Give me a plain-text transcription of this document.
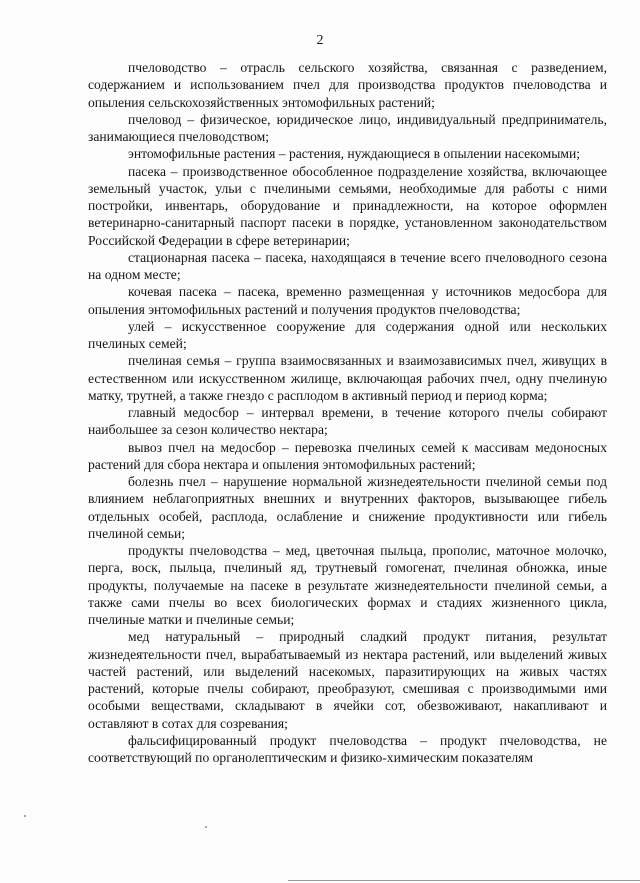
2

пчеловодство – отрасль сельского хозяйства, связанная с разведением, содержанием и использованием пчел для производства продуктов пчеловодства и опыления сельскохозяйственных энтомофильных растений;

пчеловод – физическое, юридическое лицо, индивидуальный предприниматель, занимающиеся пчеловодством;

энтомофильные растения – растения, нуждающиеся в опылении насекомыми;

пасека – производственное обособленное подразделение хозяйства, включающее земельный участок, ульи с пчелиными семьями, необходимые для работы с ними постройки, инвентарь, оборудование и принадлежности, на которое оформлен ветеринарно-санитарный паспорт пасеки в порядке, установленном законодательством Российской Федерации в сфере ветеринарии;

стационарная пасека – пасека, находящаяся в течение всего пчеловодного сезона на одном месте;

кочевая пасека – пасека, временно размещенная у источников медосбора для опыления энтомофильных растений и получения продуктов пчеловодства;

улей – искусственное сооружение для содержания одной или нескольких пчелиных семей;

пчелиная семья – группа взаимосвязанных и взаимозависимых пчел, живущих в естественном или искусственном жилище, включающая рабочих пчел, одну пчелиную матку, трутней, а также гнездо с расплодом в активный период и период корма;

главный медосбор – интервал времени, в течение которого пчелы собирают наибольшее за сезон количество нектара;

вывоз пчел на медосбор – перевозка пчелиных семей к массивам медоносных растений для сбора нектара и опыления энтомофильных растений;

болезнь пчел – нарушение нормальной жизнедеятельности пчелиной семьи под влиянием неблагоприятных внешних и внутренних факторов, вызывающее гибель отдельных особей, расплода, ослабление и снижение продуктивности или гибель пчелиной семьи;

продукты пчеловодства – мед, цветочная пыльца, прополис, маточное молочко, перга, воск, пыльца, пчелиный яд, трутневый гомогенат, пчелиная обножка, иные продукты, получаемые на пасеке в результате жизнедеятельности пчелиной семьи, а также сами пчелы во всех биологических формах и стадиях жизненного цикла, пчелиные матки и пчелиные семьи;

мед натуральный – природный сладкий продукт питания, результат жизнедеятельности пчел, вырабатываемый из нектара растений, или выделений живых частей растений, или выделений насекомых, паразитирующих на живых частях растений, которые пчелы собирают, преобразуют, смешивая с производимыми ими особыми веществами, складывают в ячейки сот, обезвоживают, накапливают и оставляют в сотах для созревания;

фальсифицированный продукт пчеловодства – продукт пчеловодства, не соответствующий по органолептическим и физико-химическим показателям
